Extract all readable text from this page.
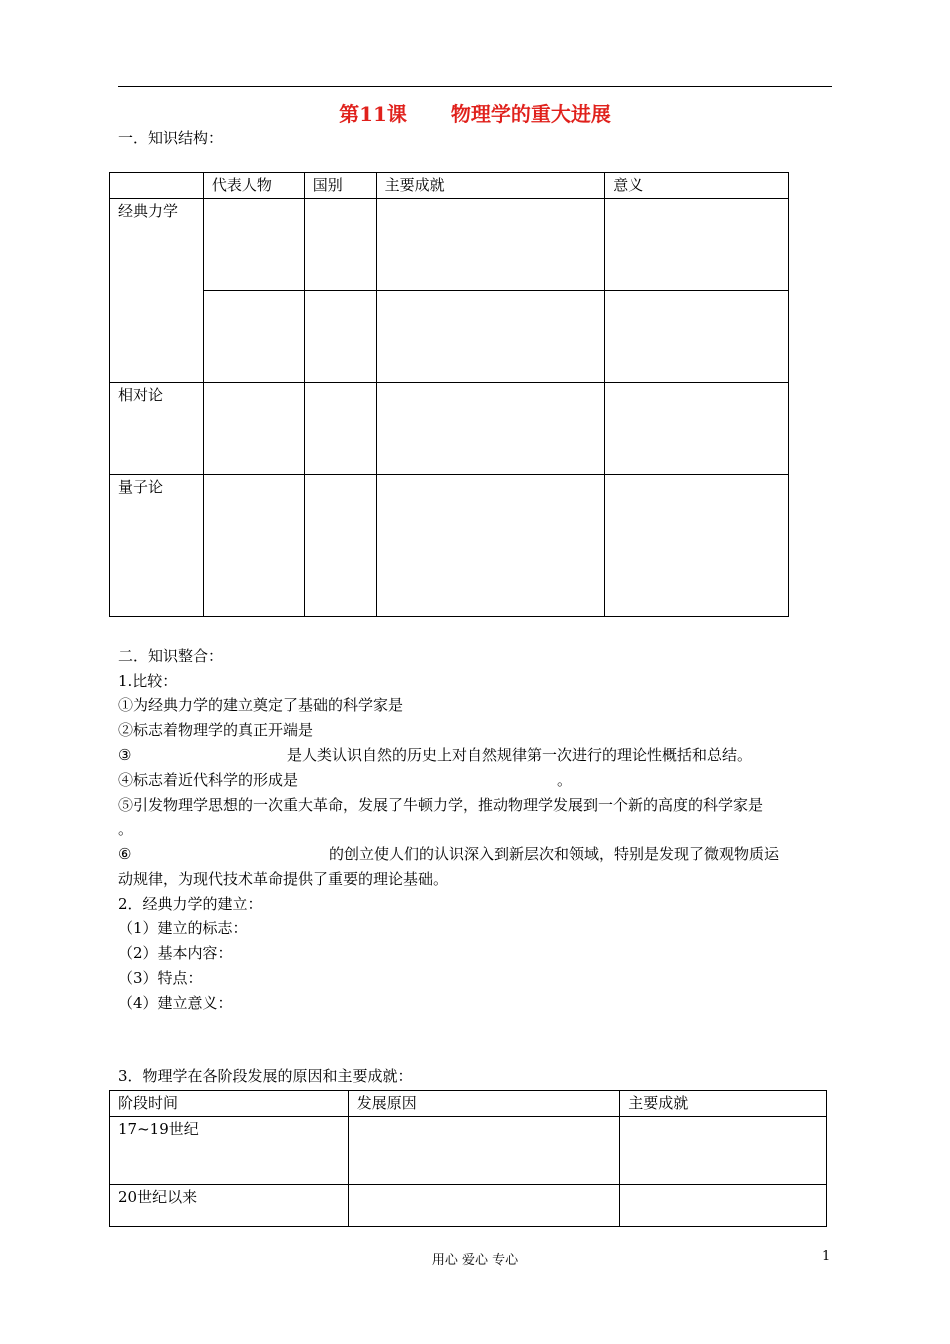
第11课 物理学的重大进展
一．知识结构：
	代表人物	国别	主要成就	意义
经典力学				

相对论				
量子论				
二．知识整合：
1.比较：
①为经典力学的建立奠定了基础的科学家是
②标志着物理学的真正开端是
③	是人类认识自然的历史上对自然规律第一次进行的理论性概括和总结。
④标志着近代科学的形成是	。
⑤引发物理学思想的一次重大革命，发展了牛顿力学，推动物理学发展到一个新的高度的科学家是
。
⑥	的创立使人们的认识深入到新层次和领域，特别是发现了微观物质运
动规律，为现代技术革命提供了重要的理论基础。
2．经典力学的建立：
（1）建立的标志：
（2）基本内容：
（3）特点：
（4）建立意义：
3．物理学在各阶段发展的原因和主要成就：
阶段时间	发展原因	主要成就
17~19世纪		
20世纪以来		
用心 爱心 专心	1
